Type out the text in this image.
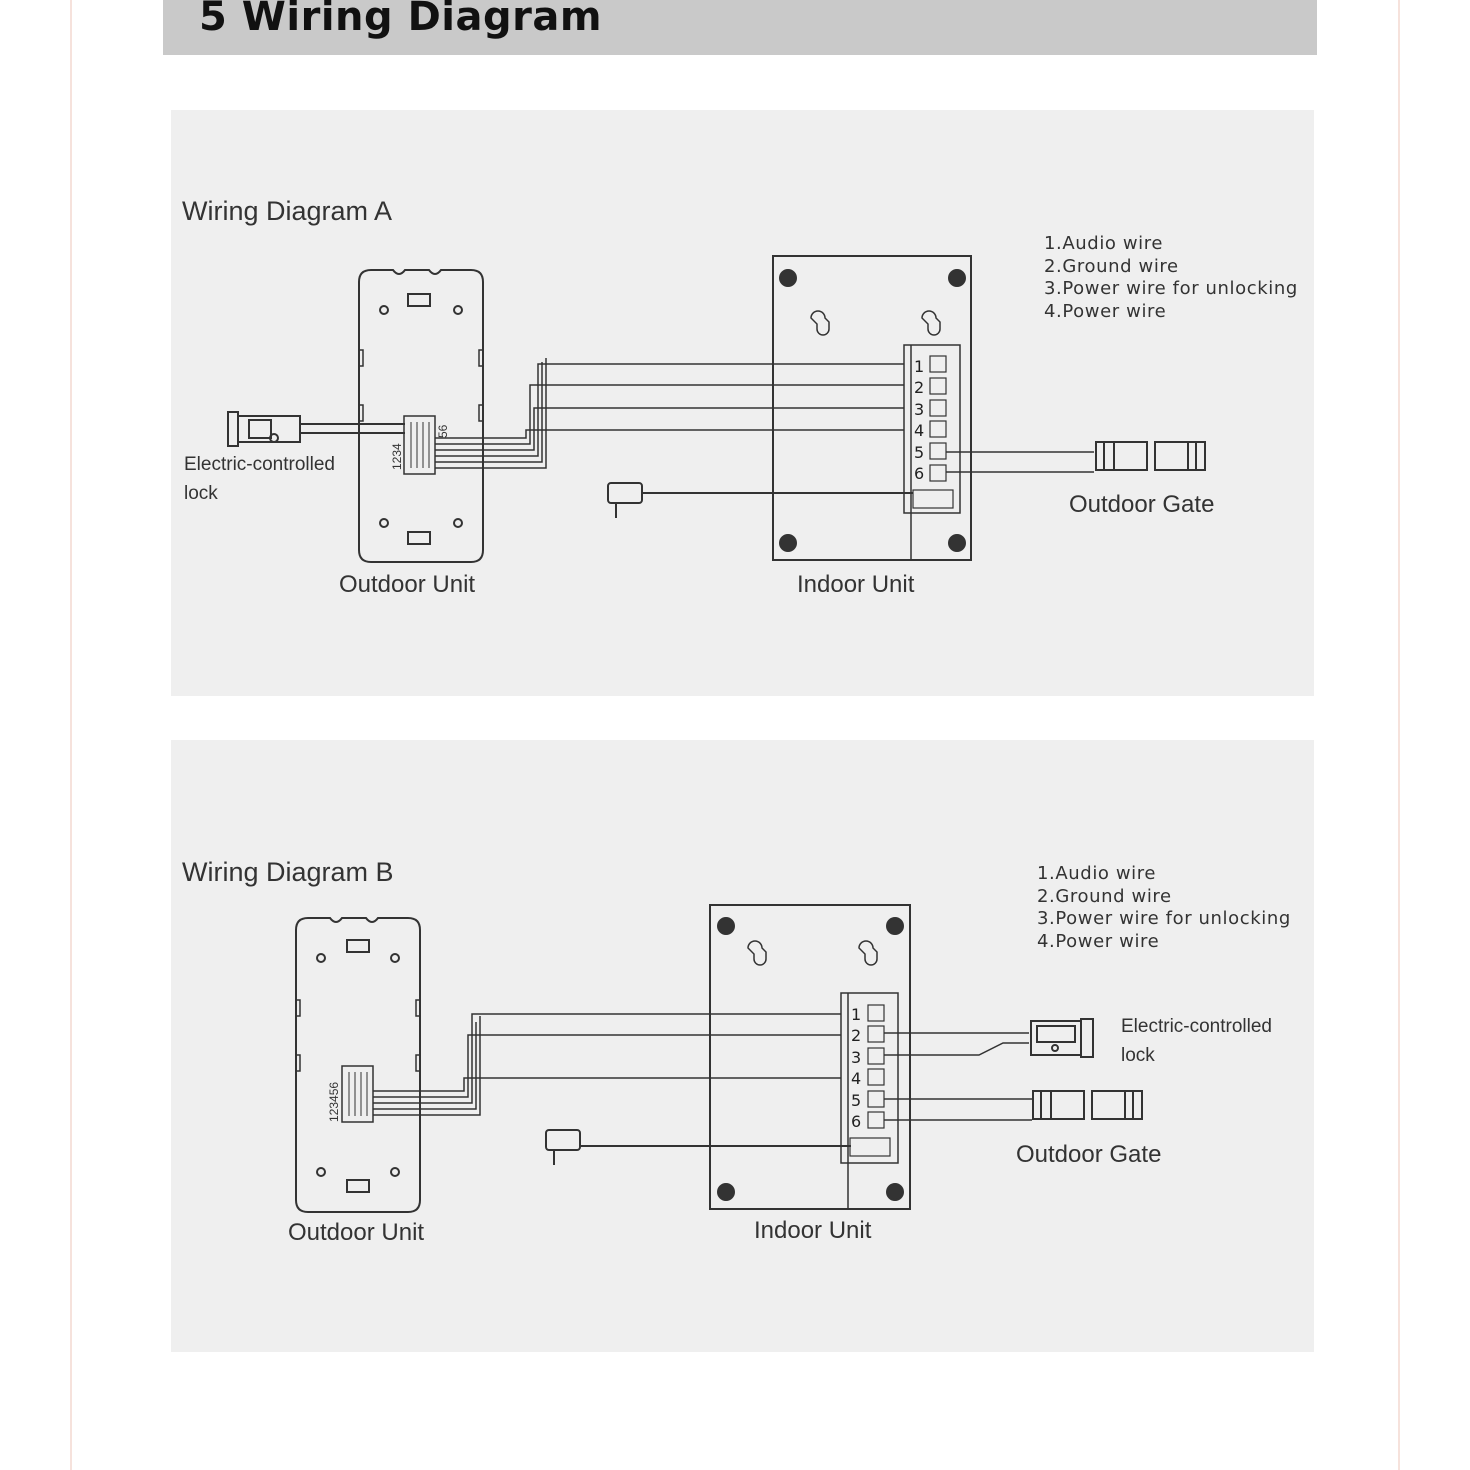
5 Wiring Diagram
Wiring Diagram A
1.Audio wire
2.Ground wire
3.Power wire for unlocking
4.Power wire
1
2
3
4
5
6
1234
56

Electric-controlled
lock

Outdoor Unit	Indoor Unit

Outdoor Gate

Wiring Diagram B	1.Audio wire
2.Ground wire
3.Power wire for unlocking
4.Power wire
1
2
3
4
5
6
123456

Electric-controlled
lock

Outdoor Unit	Indoor Unit

Outdoor Gate
